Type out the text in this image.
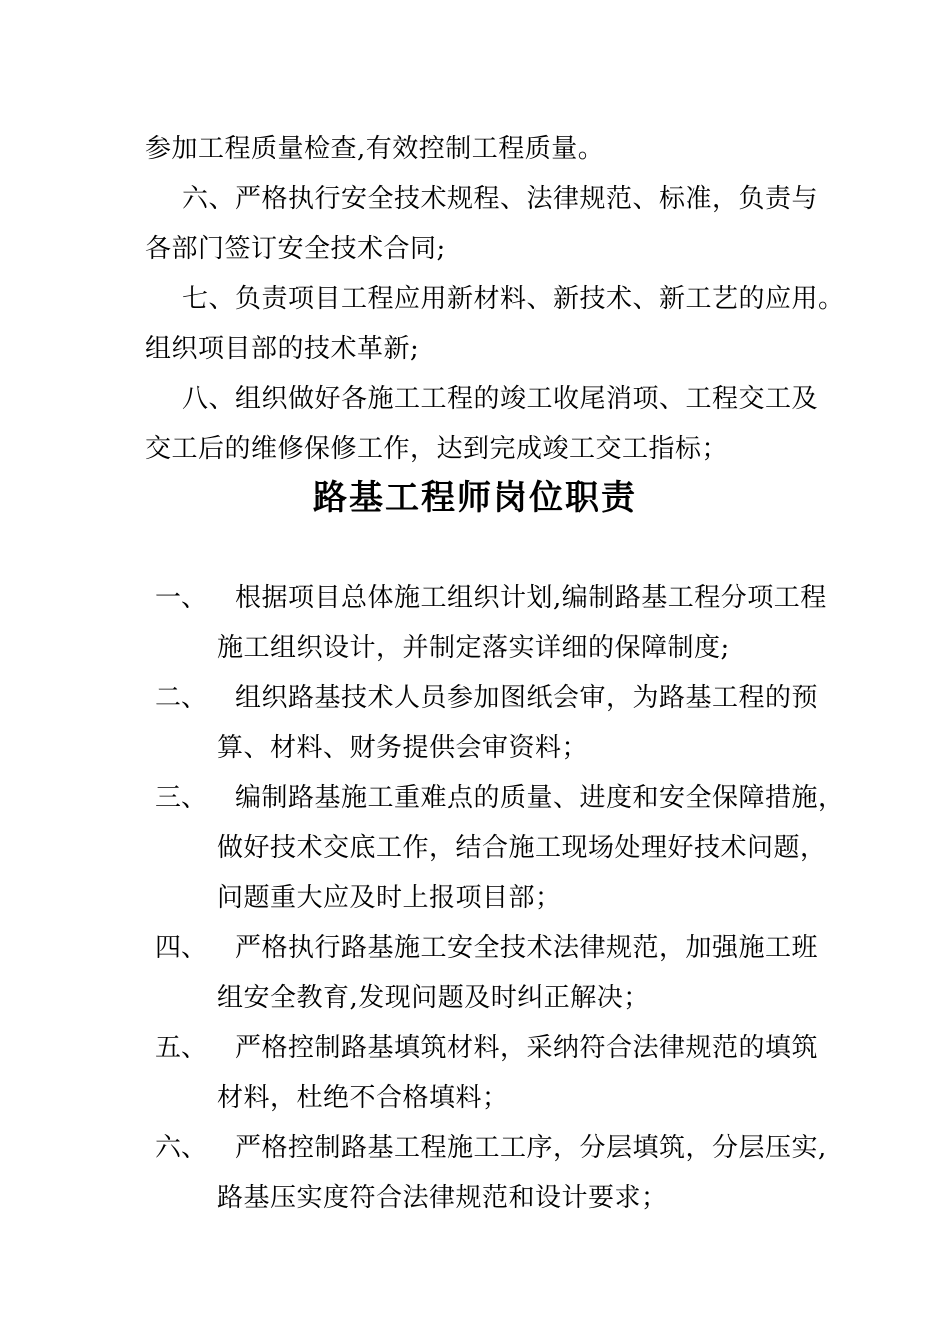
参加工程质量检查,有效控制工程质量。
六、严格执行安全技术规程、法律规范、标准，负责与
各部门签订安全技术合同;
七、负责项目工程应用新材料、新技术、新工艺的应用。
组织项目部的技术革新;
八、组织做好各施工工程的竣工收尾消项、工程交工及
交工后的维修保修工作，达到完成竣工交工指标；
路基工程师岗位职责
一、 根据项目总体施工组织计划,编制路基工程分项工程
施工组织设计，并制定落实详细的保障制度;
二、 组织路基技术人员参加图纸会审，为路基工程的预
算、材料、财务提供会审资料；
三、 编制路基施工重难点的质量、进度和安全保障措施，
做好技术交底工作，结合施工现场处理好技术问题，
问题重大应及时上报项目部；
四、 严格执行路基施工安全技术法律规范，加强施工班
组安全教育,发现问题及时纠正解决；
五、 严格控制路基填筑材料，采纳符合法律规范的填筑
材料，杜绝不合格填料；
六、 严格控制路基工程施工工序，分层填筑，分层压实,
路基压实度符合法律规范和设计要求；
